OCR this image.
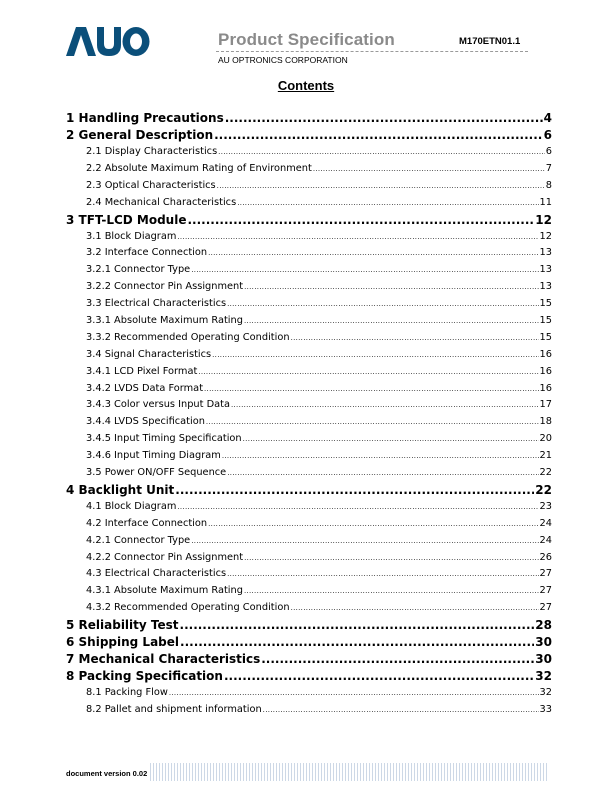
Product Specification	M170ETN01.1
AU OPTRONICS CORPORATION
Contents
1 Handling Precautions .....	4
2 General Description .....	6
2.1 Display Characteristics .....	6
2.2 Absolute Maximum Rating of Environment .....	7
2.3 Optical Characteristics .....	8
2.4 Mechanical Characteristics .....	11
3 TFT-LCD Module .....	12
3.1 Block Diagram .....	12
3.2 Interface Connection .....	13
3.2.1 Connector Type .....	13
3.2.2 Connector Pin Assignment .....	13
3.3 Electrical Characteristics .....	15
3.3.1 Absolute Maximum Rating .....	15
3.3.2 Recommended Operating Condition .....	15
3.4 Signal Characteristics .....	16
3.4.1 LCD Pixel Format .....	16
3.4.2 LVDS Data Format .....	16
3.4.3 Color versus Input Data .....	17
3.4.4 LVDS Specification .....	18
3.4.5 Input Timing Specification .....	20
3.4.6 Input Timing Diagram .....	21
3.5 Power ON/OFF Sequence .....	22
4 Backlight Unit .....	22
4.1 Block Diagram .....	23
4.2 Interface Connection .....	24
4.2.1 Connector Type .....	24
4.2.2 Connector Pin Assignment .....	26
4.3 Electrical Characteristics .....	27
4.3.1 Absolute Maximum Rating .....	27
4.3.2 Recommended Operating Condition .....	27
5 Reliability Test .....	28
6 Shipping Label .....	30
7 Mechanical Characteristics .....	30
8 Packing Specification .....	32
8.1 Packing Flow .....	32
8.2 Pallet and shipment information .....	33
document version 0.02
